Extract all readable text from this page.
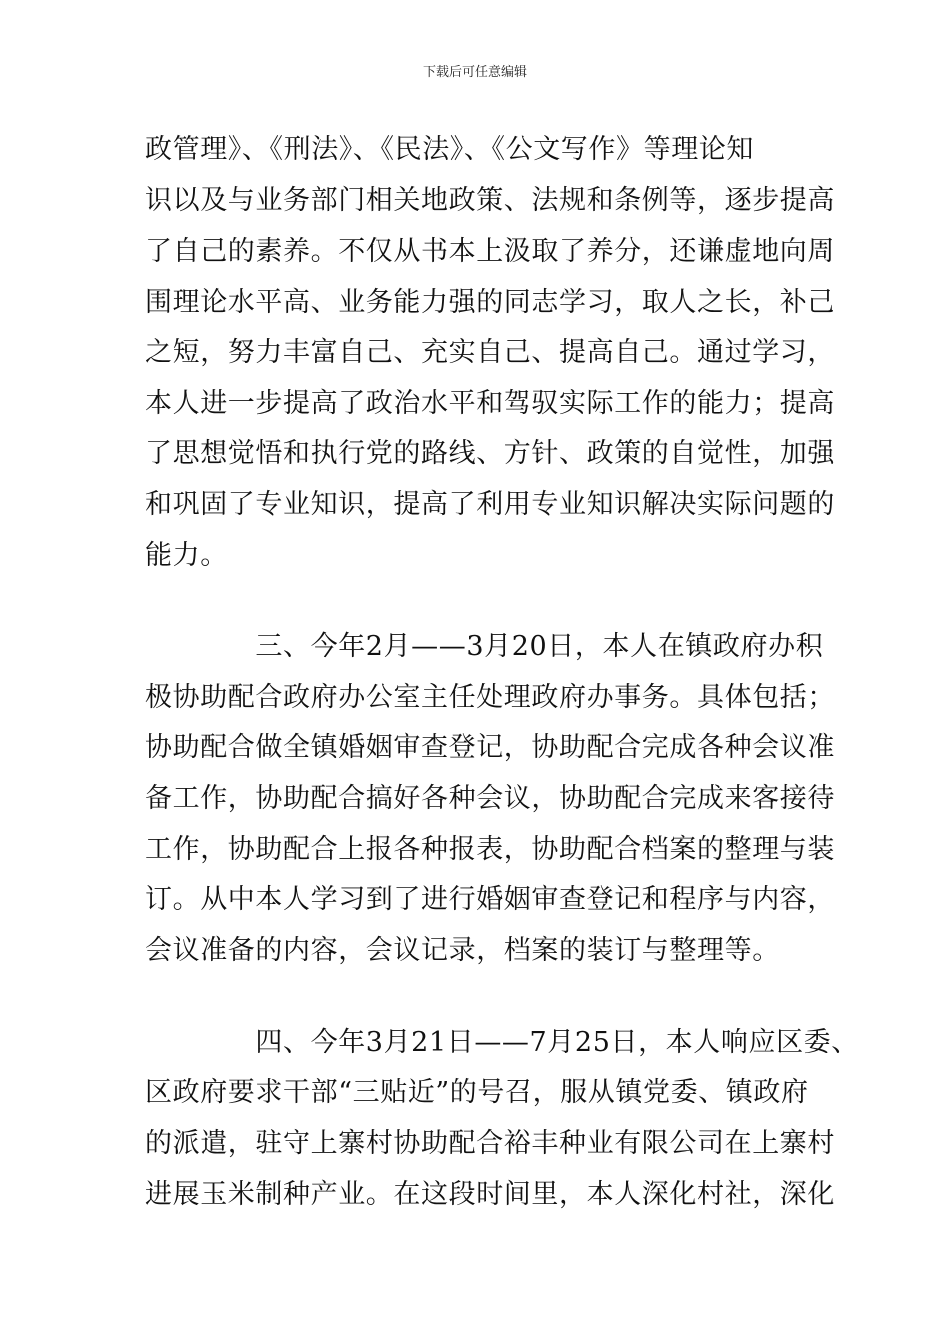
下载后可任意编辑
政管理》、《刑法》、《民法》、《公文写作》等理论知
识以及与业务部门相关地政策、法规和条例等，逐步提高
了自己的素养。不仅从书本上汲取了养分，还谦虚地向周
围理论水平高、业务能力强的同志学习，取人之长，补己
之短，努力丰富自己、充实自己、提高自己。通过学习，
本人进一步提高了政治水平和驾驭实际工作的能力；提高
了思想觉悟和执行党的路线、方针、政策的自觉性，加强
和巩固了专业知识，提高了利用专业知识解决实际问题的
能力。
　　　　三、今年2月——3月20日，本人在镇政府办积
极协助配合政府办公室主任处理政府办事务。具体包括；
协助配合做全镇婚姻审查登记，协助配合完成各种会议准
备工作，协助配合搞好各种会议，协助配合完成来客接待
工作，协助配合上报各种报表，协助配合档案的整理与装
订。从中本人学习到了进行婚姻审查登记和程序与内容，
会议准备的内容，会议记录，档案的装订与整理等。
　　　　四、今年3月21日——7月25日，本人响应区委、
区政府要求干部“三贴近”的号召，服从镇党委、镇政府
的派遣，驻守上寨村协助配合裕丰种业有限公司在上寨村
进展玉米制种产业。在这段时间里，本人深化村社，深化
